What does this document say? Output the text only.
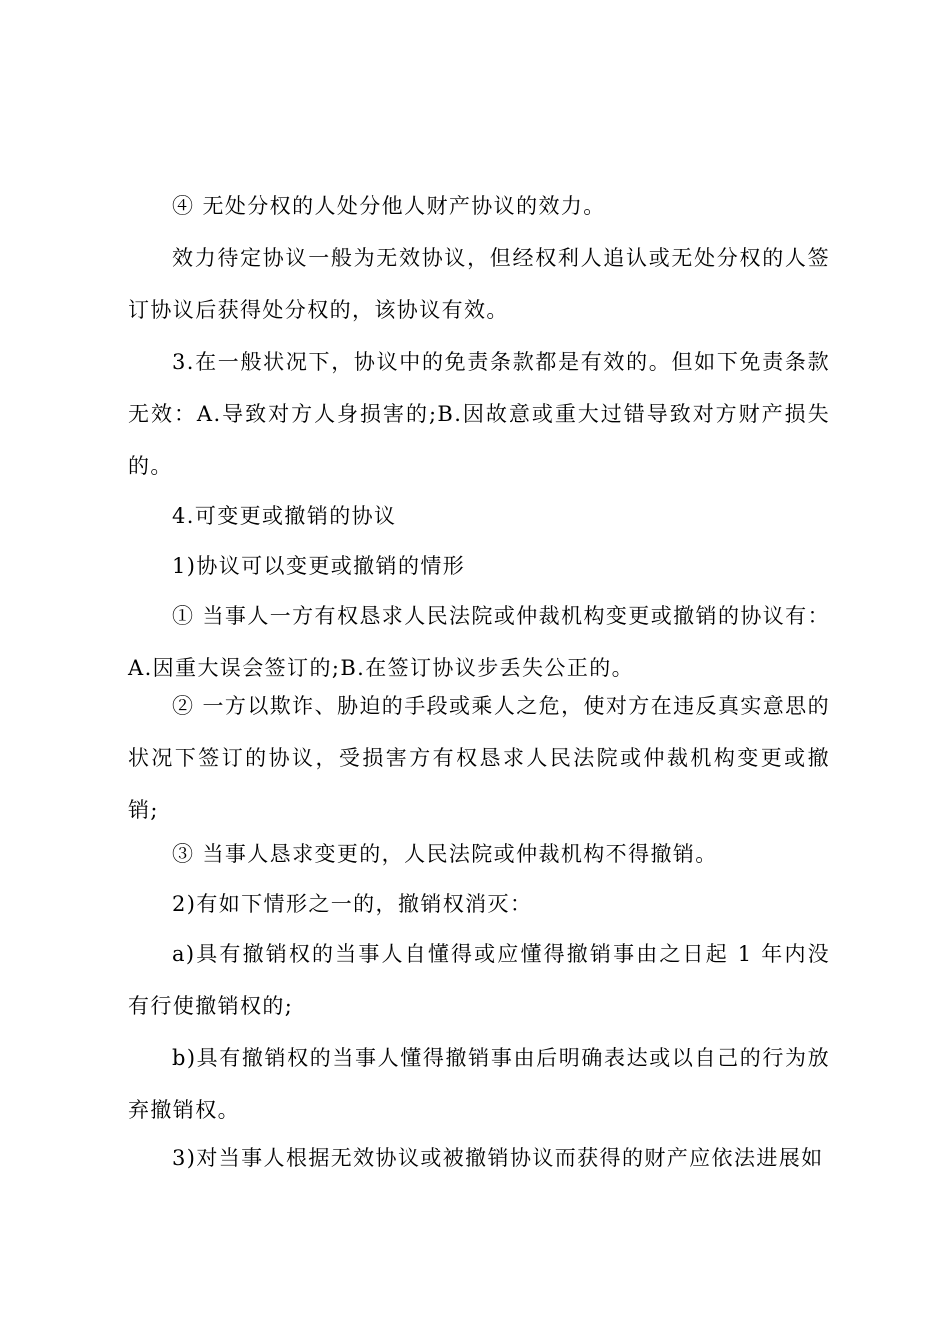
④ 无处分权的人处分他人财产协议的效力。

效力待定协议一般为无效协议，但经权利人追认或无处分权的人签订协议后获得处分权的，该协议有效。

3.在一般状况下，协议中的免责条款都是有效的。但如下免责条款无效：A.导致对方人身损害的;B.因故意或重大过错导致对方财产损失的。

4.可变更或撤销的协议

1)协议可以变更或撤销的情形

① 当事人一方有权恳求人民法院或仲裁机构变更或撤销的协议有：A.因重大误会签订的;B.在签订协议步丢失公正的。

② 一方以欺诈、胁迫的手段或乘人之危，使对方在违反真实意思的状况下签订的协议，受损害方有权恳求人民法院或仲裁机构变更或撤销;

③ 当事人恳求变更的，人民法院或仲裁机构不得撤销。

2)有如下情形之一的，撤销权消灭：

a)具有撤销权的当事人自懂得或应懂得撤销事由之日起 1 年内没有行使撤销权的;

b)具有撤销权的当事人懂得撤销事由后明确表达或以自己的行为放弃撤销权。

3)对当事人根据无效协议或被撤销协议而获得的财产应依法进展如
